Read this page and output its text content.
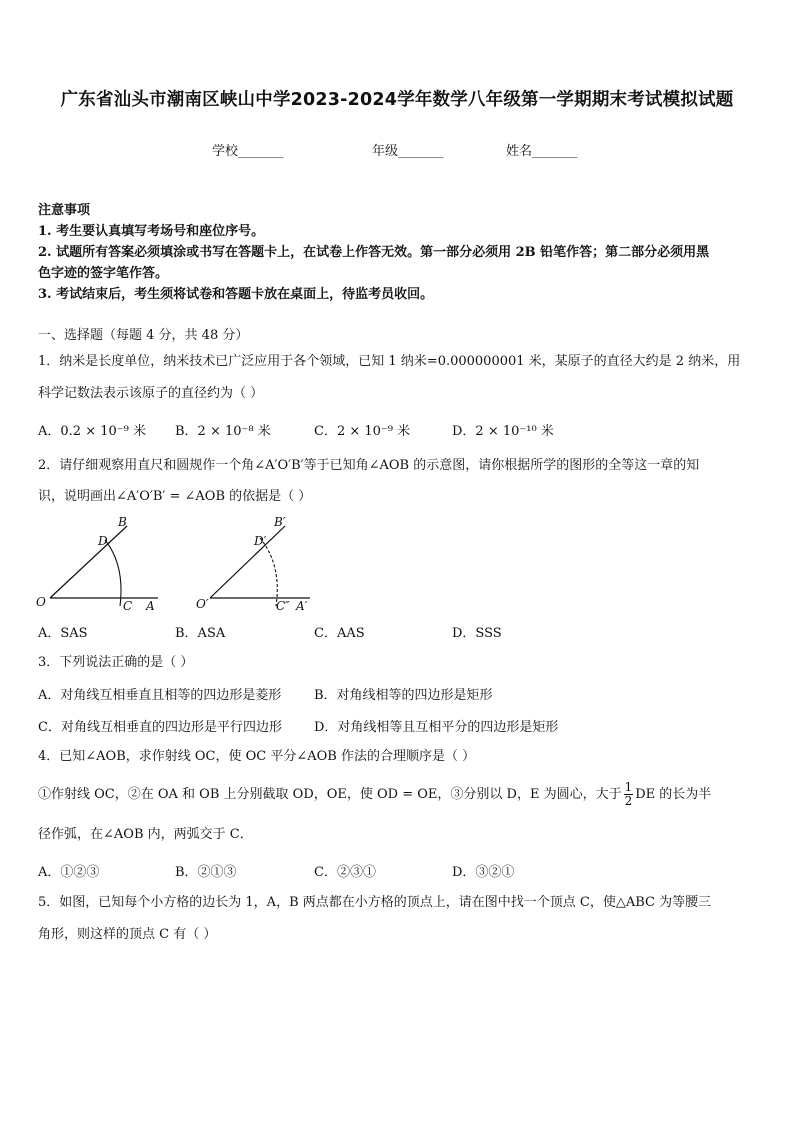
广东省汕头市潮南区峡山中学2023-2024学年数学八年级第一学期期末考试模拟试题
学校_______	年级_______	姓名_______
注意事项
1. 考生要认真填写考场号和座位序号。
2. 试题所有答案必须填涂或书写在答题卡上，在试卷上作答无效。第一部分必须用 2B 铅笔作答；第二部分必须用黑
色字迹的签字笔作答。
3. 考试结束后，考生须将试卷和答题卡放在桌面上，待监考员收回。
一、选择题（每题 4 分，共 48 分）
1．纳米是长度单位，纳米技术已广泛应用于各个领域，已知 1 纳米=0.000000001 米，某原子的直径大约是 2 纳米，用
科学记数法表示该原子的直径约为（ ）
A．0.2 × 10⁻⁹ 米 B．2 × 10⁻⁸ 米	C．2 × 10⁻⁹ 米	D．2 × 10⁻¹⁰ 米
2．请仔细观察用直尺和圆规作一个角∠A′O′B′等于已知角∠AOB 的示意图，请你根据所学的图形的全等这一章的知
识，说明画出∠A′O′B′ = ∠AOB 的依据是（ ）
B
D
O	C A
B′
D′
O′	C″ A′
A．SAS	B．ASA	C．AAS	D．SSS
3．下列说法正确的是（ ）
A．对角线互相垂直且相等的四边形是菱形	B．对角线相等的四边形是矩形
C．对角线互相垂直的四边形是平行四边形 D．对角线相等且互相平分的四边形是矩形
4．已知∠AOB，求作射线 OC，使 OC 平分∠AOB 作法的合理顺序是（ ）
①作射线 OC，②在 OA 和 OB 上分别截取 OD，OE，使 OD = OE，③分别以 D，E 为圆心，大于 $\frac{1}{2}$ DE 的长为半
径作弧，在∠AOB 内，两弧交于 C．
A．①②③	B．②①③	C．②③①	D．③②①
5．如图，已知每个小方格的边长为 1，A，B 两点都在小方格的顶点上，请在图中找一个顶点 C，使△ABC 为等腰三
角形，则这样的顶点 C 有（ ）
